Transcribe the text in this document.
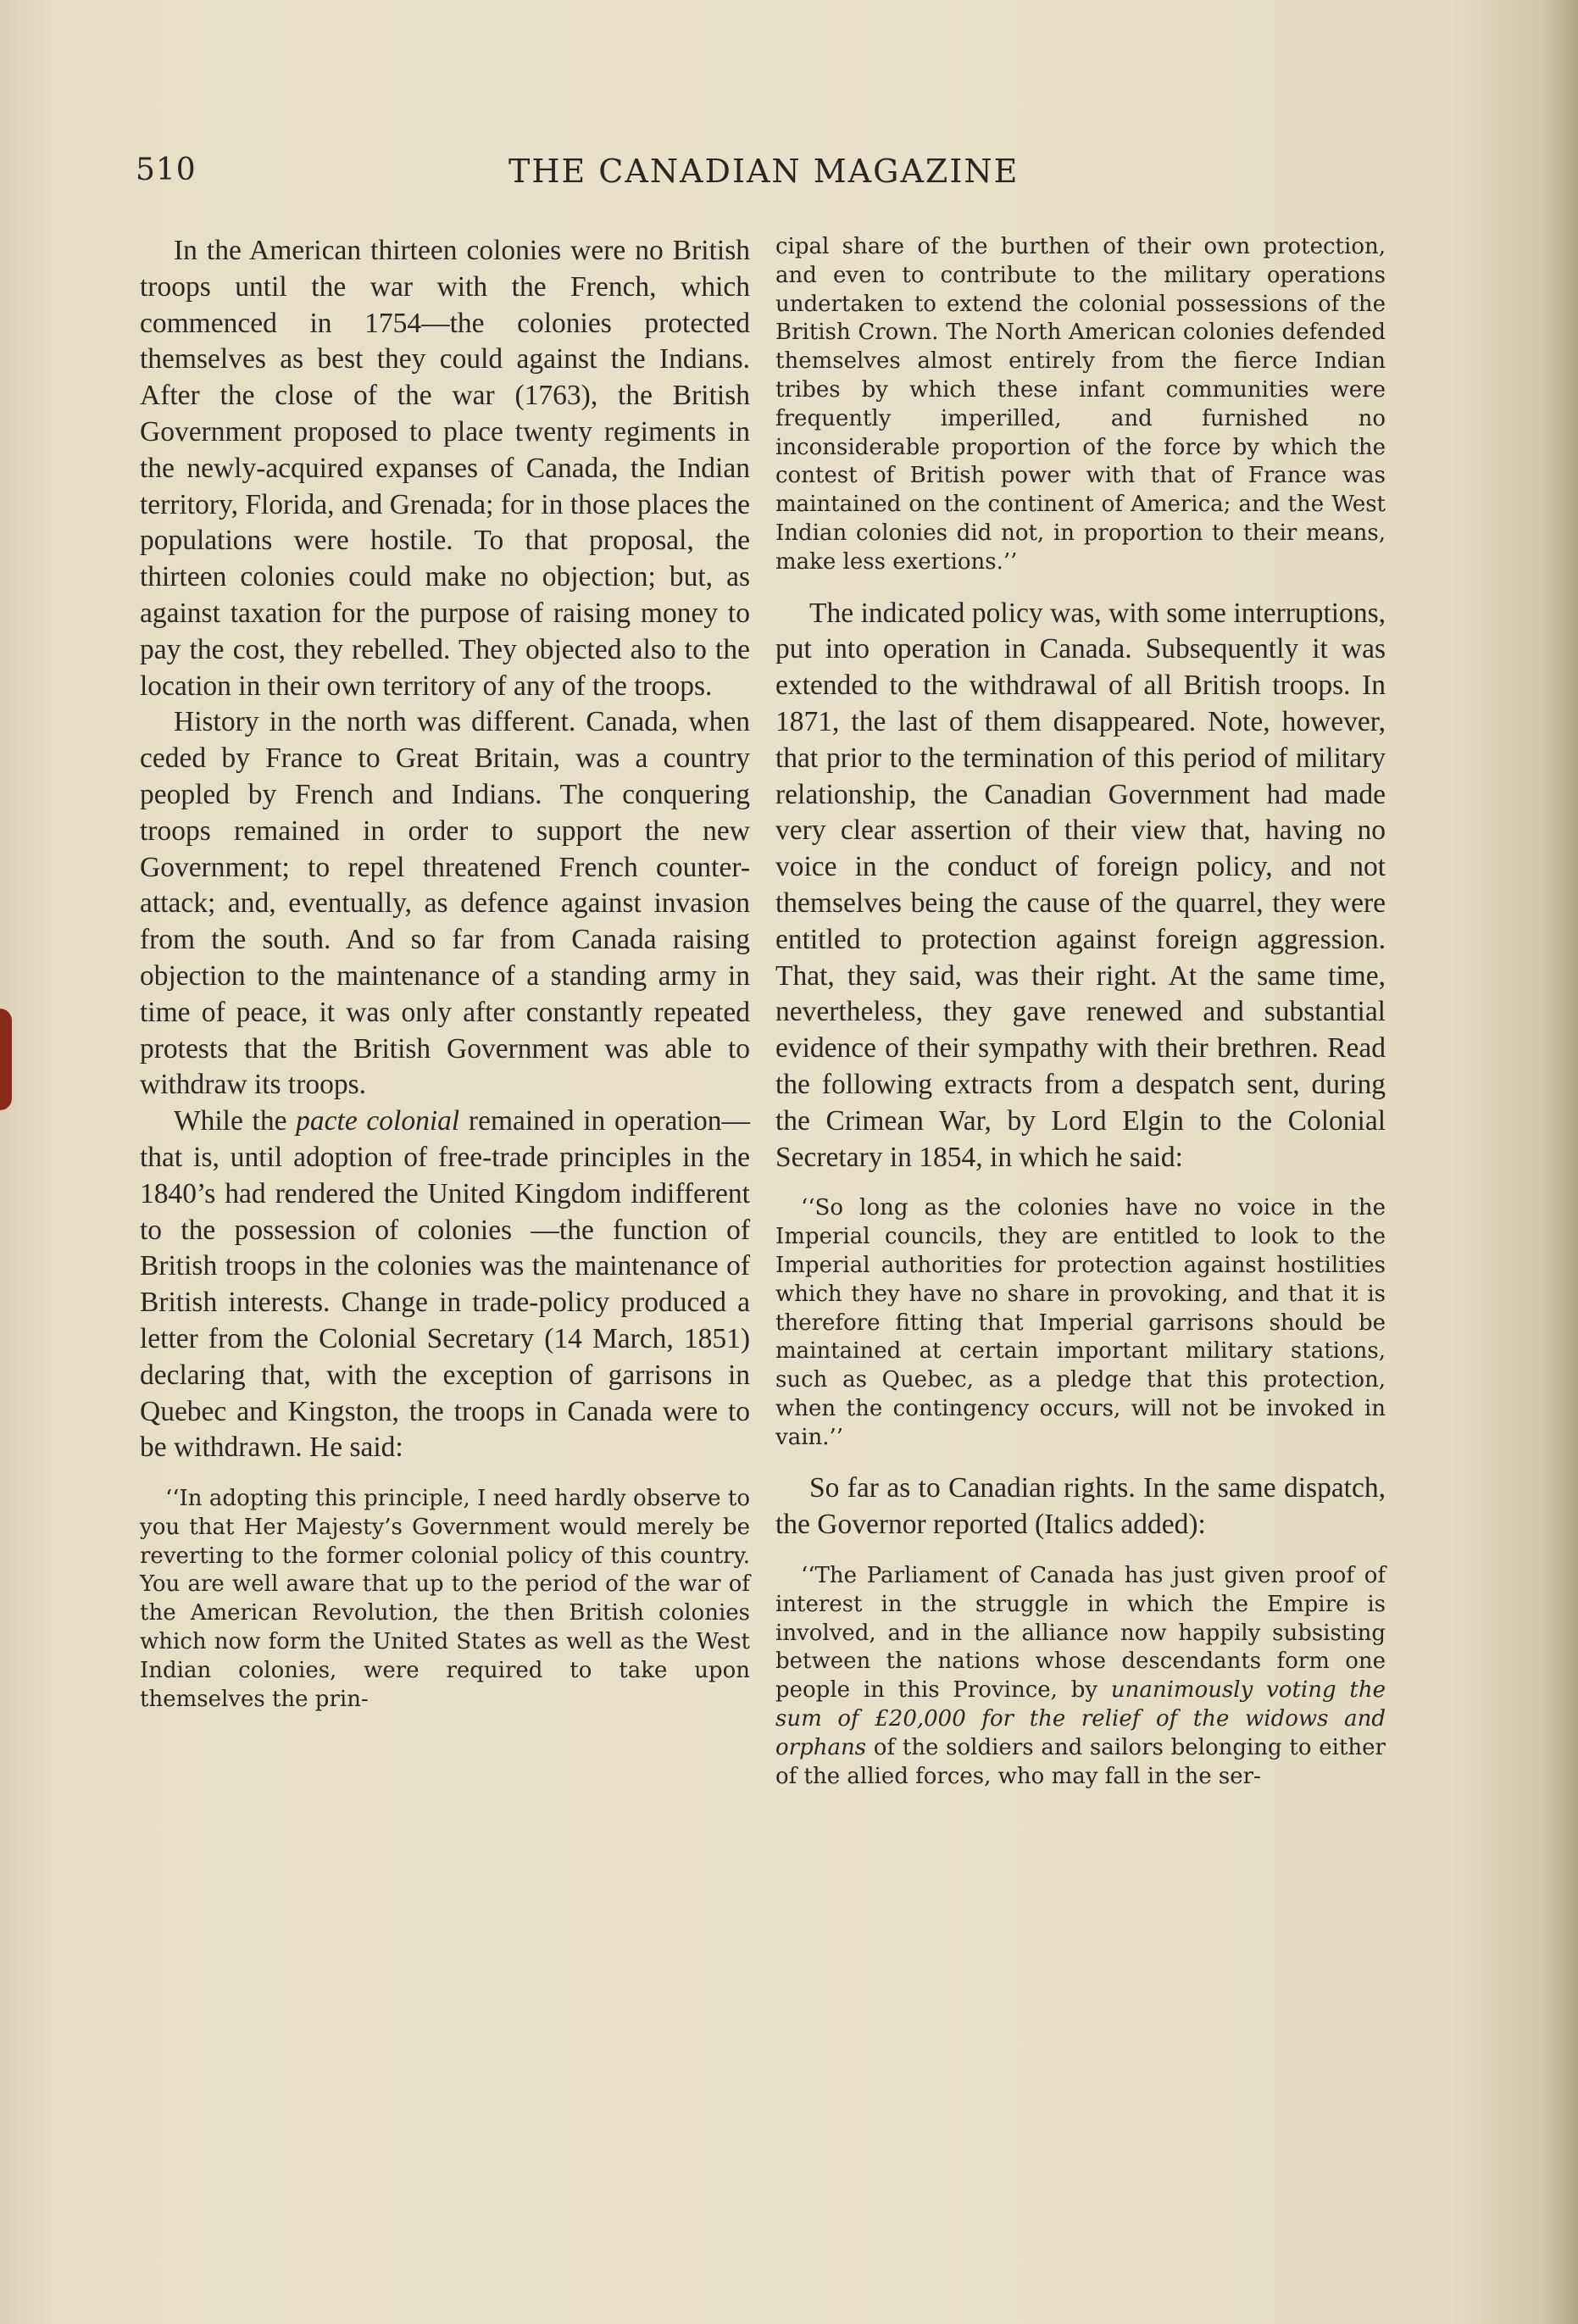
510	THE CANADIAN MAGAZINE

In the American thirteen colonies were no British troops until the war with the French, which commenced in 1754—the colonies protected themselves as best they could against the Indians. After the close of the war (1763), the British Government proposed to place twenty regiments in the newly-acquired expanses of Canada, the Indian territory, Florida, and Grenada; for in those places the populations were hostile. To that proposal, the thirteen colonies could make no objection; but, as against taxation for the purpose of raising money to pay the cost, they rebelled. They objected also to the location in their own territory of any of the troops.

History in the north was different. Canada, when ceded by France to Great Britain, was a country peopled by French and Indians. The conquering troops remained in order to support the new Government; to repel threatened French counter-attack; and, eventually, as defence against invasion from the south. And so far from Canada raising objection to the maintenance of a standing army in time of peace, it was only after constantly repeated protests that the British Government was able to withdraw its troops.

While the pacte colonial remained in operation—that is, until adoption of free-trade principles in the 1840’s had rendered the United Kingdom indifferent to the possession of colonies —the function of British troops in the colonies was the maintenance of British interests. Change in trade-policy produced a letter from the Colonial Secretary (14 March, 1851) declaring that, with the exception of garrisons in Quebec and Kingston, the troops in Canada were to be withdrawn. He said:

‘‘In adopting this principle, I need hardly observe to you that Her Majesty’s Government would merely be reverting to the former colonial policy of this country. You are well aware that up to the period of the war of the American Revolution, the then British colonies which now form the United States as well as the West Indian colonies, were required to take upon themselves the prin-

cipal share of the burthen of their own protection, and even to contribute to the military operations undertaken to extend the colonial possessions of the British Crown. The North American colonies defended themselves almost entirely from the fierce Indian tribes by which these infant communities were frequently imperilled, and furnished no inconsiderable proportion of the force by which the contest of British power with that of France was maintained on the continent of America; and the West Indian colonies did not, in proportion to their means, make less exertions.’’

The indicated policy was, with some interruptions, put into operation in Canada. Subsequently it was extended to the withdrawal of all British troops. In 1871, the last of them disappeared. Note, however, that prior to the termination of this period of military relationship, the Canadian Government had made very clear assertion of their view that, having no voice in the conduct of foreign policy, and not themselves being the cause of the quarrel, they were entitled to protection against foreign aggression. That, they said, was their right. At the same time, nevertheless, they gave renewed and substantial evidence of their sympathy with their brethren. Read the following extracts from a despatch sent, during the Crimean War, by Lord Elgin to the Colonial Secretary in 1854, in which he said:

‘‘So long as the colonies have no voice in the Imperial councils, they are entitled to look to the Imperial authorities for protection against hostilities which they have no share in provoking, and that it is therefore fitting that Imperial garrisons should be maintained at certain important military stations, such as Quebec, as a pledge that this protection, when the contingency occurs, will not be invoked in vain.’’

So far as to Canadian rights. In the same dispatch, the Governor reported (Italics added):

‘‘The Parliament of Canada has just given proof of interest in the struggle in which the Empire is involved, and in the alliance now happily subsisting between the nations whose descendants form one people in this Province, by unanimously voting the sum of £20,000 for the relief of the widows and orphans of the soldiers and sailors belonging to either of the allied forces, who may fall in the ser-
